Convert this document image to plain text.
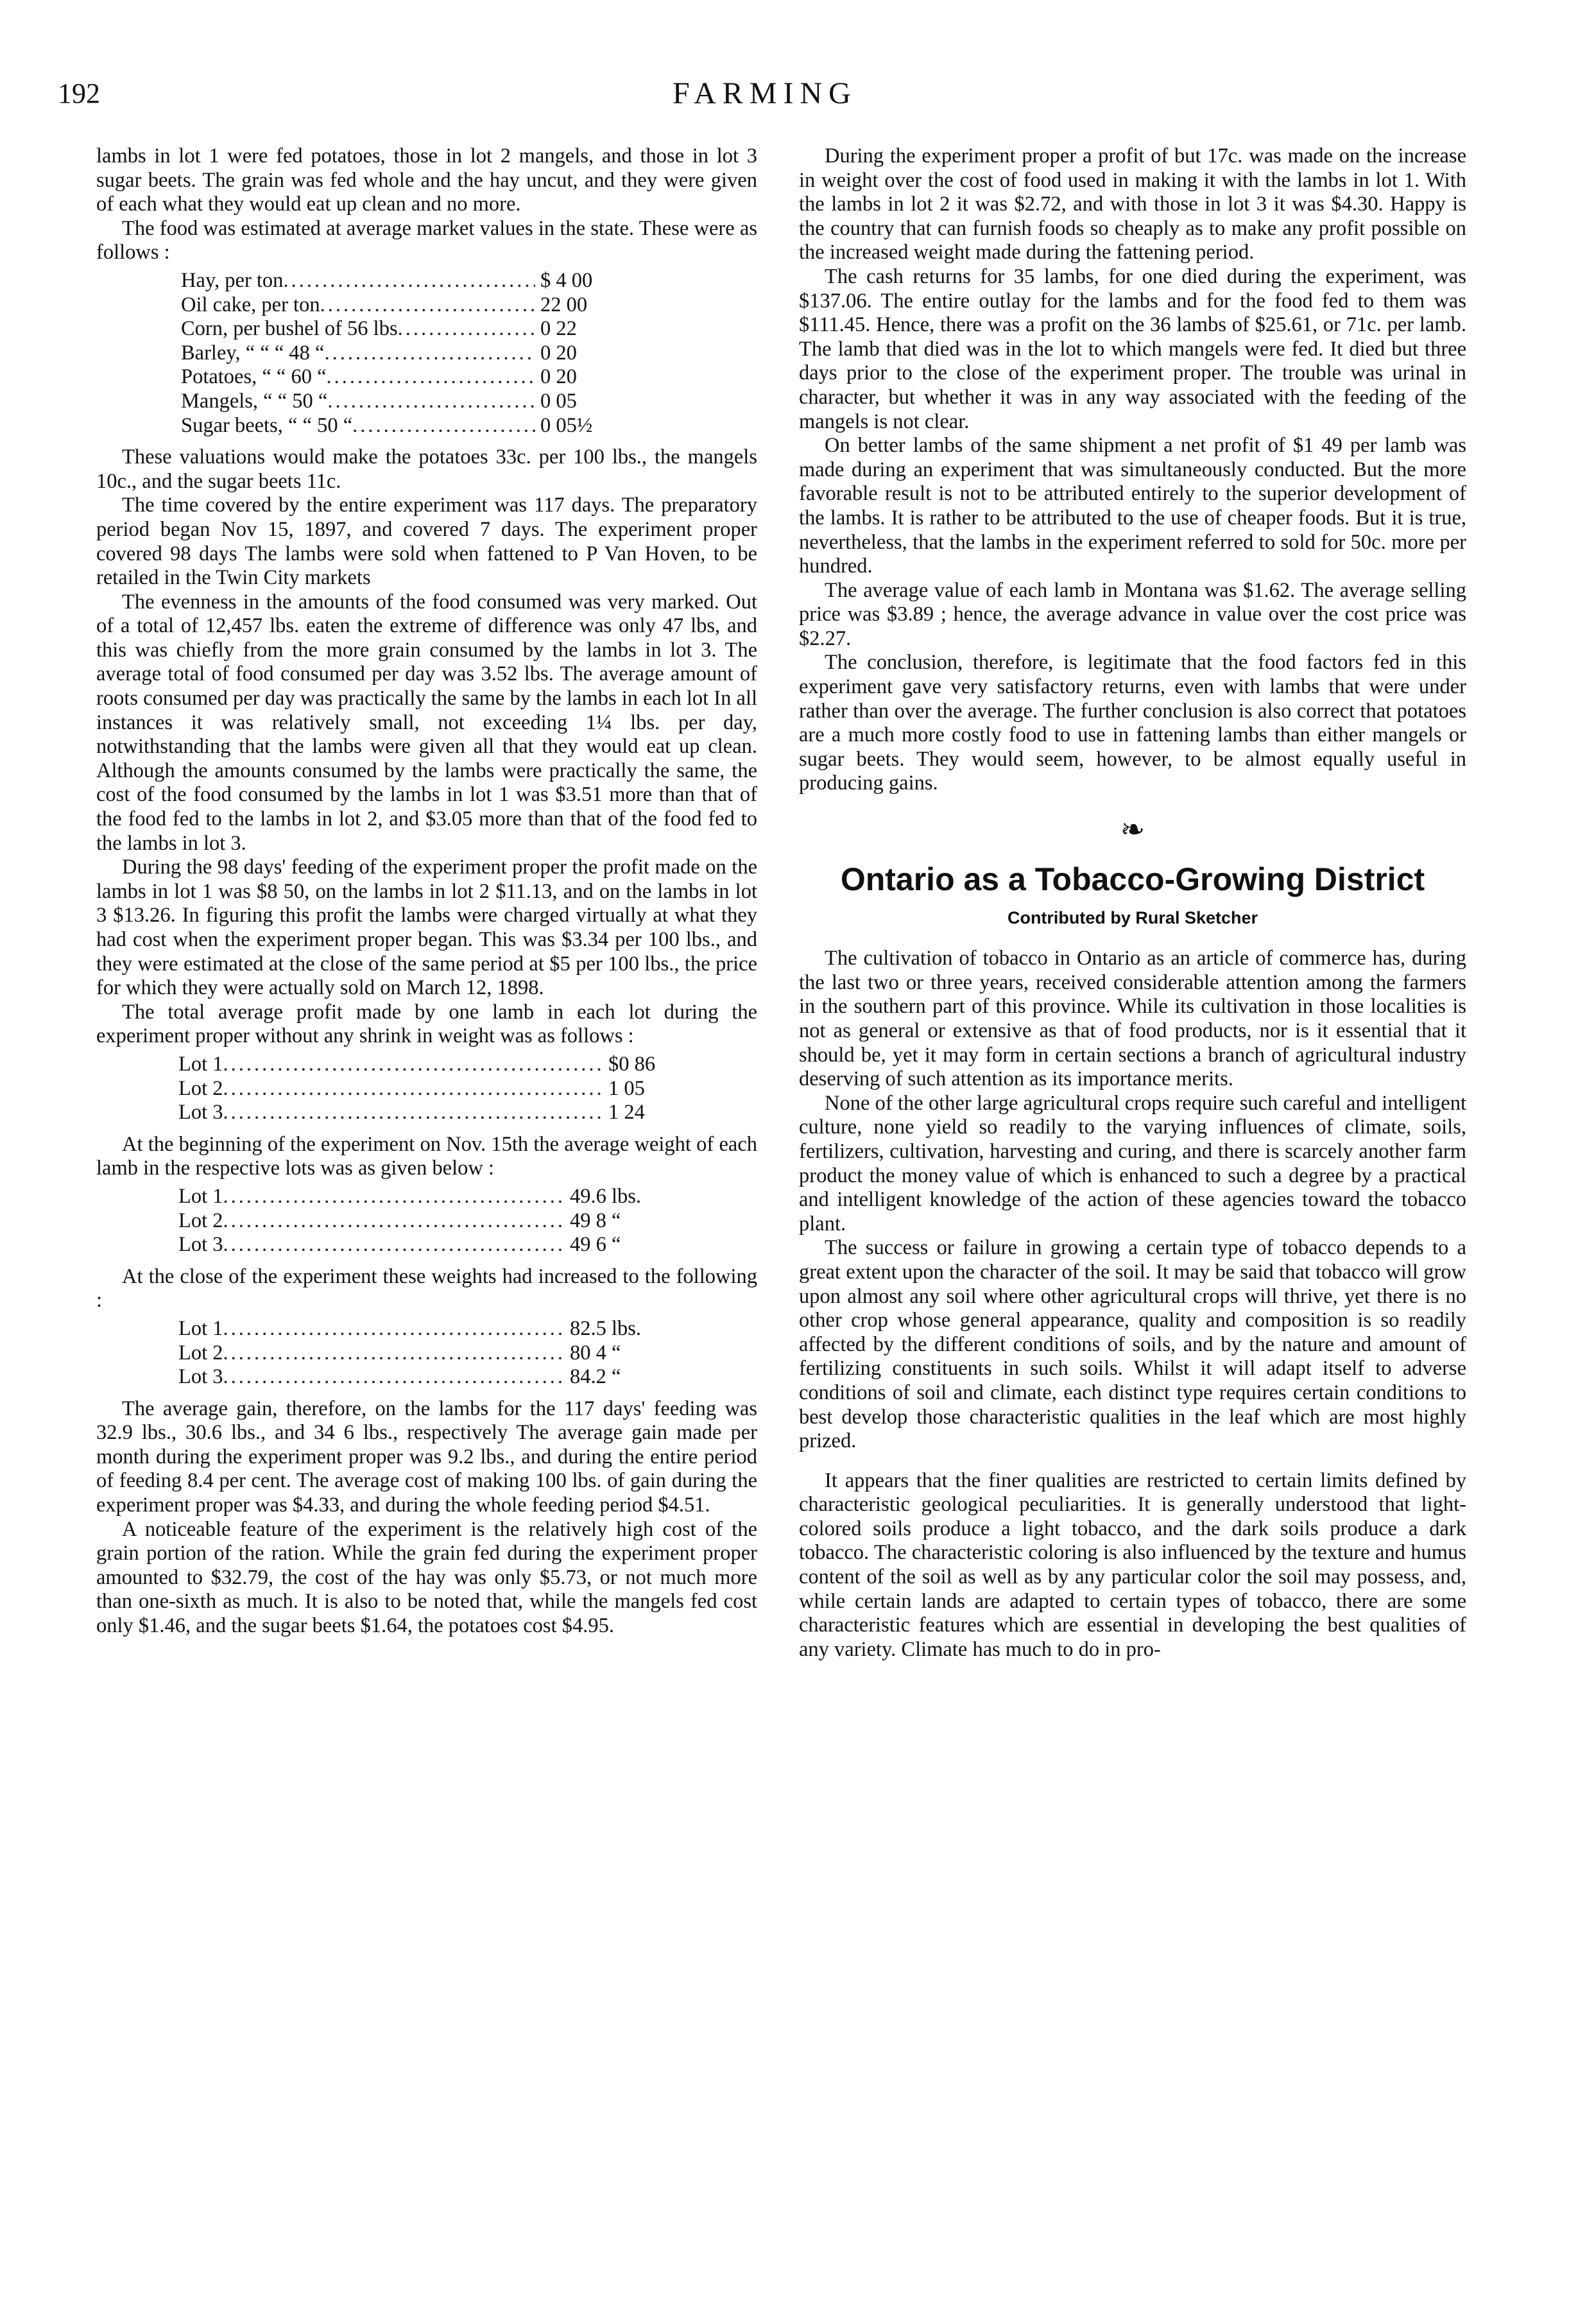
192	FARMING

lambs in lot 1 were fed potatoes, those in lot 2 mangels, and those in lot 3 sugar beets. The grain was fed whole and the hay uncut, and they were given of each what they would eat up clean and no more.

The food was estimated at average market values in the state. These were as follows :

Hay, per ton .....	$ 4 00
Oil cake, per ton .....	22 00
Corn, per bushel of 56 lbs .....	0 22
Barley, “ “ “ 48 “ .....	0 20
Potatoes, “ “ 60 “ .....	0 20
Mangels, “ “ 50 “ .....	0 05
Sugar beets, “ “ 50 “ .....	0 05½

These valuations would make the potatoes 33c. per 100 lbs., the mangels 10c., and the sugar beets 11c.

The time covered by the entire experiment was 117 days. The preparatory period began Nov 15, 1897, and covered 7 days. The experiment proper covered 98 days The lambs were sold when fattened to P Van Hoven, to be retailed in the Twin City markets

The evenness in the amounts of the food consumed was very marked. Out of a total of 12,457 lbs. eaten the extreme of difference was only 47 lbs, and this was chiefly from the more grain consumed by the lambs in lot 3. The average total of food consumed per day was 3.52 lbs. The average amount of roots consumed per day was practically the same by the lambs in each lot In all instances it was relatively small, not exceeding 1¼ lbs. per day, notwithstanding that the lambs were given all that they would eat up clean. Although the amounts consumed by the lambs were practically the same, the cost of the food consumed by the lambs in lot 1 was $3.51 more than that of the food fed to the lambs in lot 2, and $3.05 more than that of the food fed to the lambs in lot 3.

During the 98 days' feeding of the experiment proper the profit made on the lambs in lot 1 was $8 50, on the lambs in lot 2 $11.13, and on the lambs in lot 3 $13.26. In figuring this profit the lambs were charged virtually at what they had cost when the experiment proper began. This was $3.34 per 100 lbs., and they were estimated at the close of the same period at $5 per 100 lbs., the price for which they were actually sold on March 12, 1898.

The total average profit made by one lamb in each lot during the experiment proper without any shrink in weight was as follows :

Lot 1 .....	$0 86
Lot 2 .....	1 05
Lot 3 .....	1 24

At the beginning of the experiment on Nov. 15th the average weight of each lamb in the respective lots was as given below :

Lot 1 .....	49.6 lbs.
Lot 2 .....	49 8 “
Lot 3 .....	49 6 “

At the close of the experiment these weights had increased to the following :

Lot 1 .....	82.5 lbs.
Lot 2 .....	80 4 “
Lot 3 .....	84.2 “

The average gain, therefore, on the lambs for the 117 days' feeding was 32.9 lbs., 30.6 lbs., and 34 6 lbs., respectively The average gain made per month during the experiment proper was 9.2 lbs., and during the entire period of feeding 8.4 per cent. The average cost of making 100 lbs. of gain during the experiment proper was $4.33, and during the whole feeding period $4.51.

A noticeable feature of the experiment is the relatively high cost of the grain portion of the ration. While the grain fed during the experiment proper amounted to $32.79, the cost of the hay was only $5.73, or not much more than one-sixth as much. It is also to be noted that, while the mangels fed cost only $1.46, and the sugar beets $1.64, the potatoes cost $4.95.

During the experiment proper a profit of but 17c. was made on the increase in weight over the cost of food used in making it with the lambs in lot 1. With the lambs in lot 2 it was $2.72, and with those in lot 3 it was $4.30. Happy is the country that can furnish foods so cheaply as to make any profit possible on the increased weight made during the fattening period.

The cash returns for 35 lambs, for one died during the experiment, was $137.06. The entire outlay for the lambs and for the food fed to them was $111.45. Hence, there was a profit on the 36 lambs of $25.61, or 71c. per lamb. The lamb that died was in the lot to which mangels were fed. It died but three days prior to the close of the experiment proper. The trouble was urinal in character, but whether it was in any way associated with the feeding of the mangels is not clear.

On better lambs of the same shipment a net profit of $1 49 per lamb was made during an experiment that was simultaneously conducted. But the more favorable result is not to be attributed entirely to the superior development of the lambs. It is rather to be attributed to the use of cheaper foods. But it is true, nevertheless, that the lambs in the experiment referred to sold for 50c. more per hundred.

The average value of each lamb in Montana was $1.62. The average selling price was $3.89 ; hence, the average advance in value over the cost price was $2.27.

The conclusion, therefore, is legitimate that the food factors fed in this experiment gave very satisfactory returns, even with lambs that were under rather than over the average. The further conclusion is also correct that potatoes are a much more costly food to use in fattening lambs than either mangels or sugar beets. They would seem, however, to be almost equally useful in producing gains.

❧
Ontario as a Tobacco-Growing District
Contributed by Rural Sketcher

The cultivation of tobacco in Ontario as an article of commerce has, during the last two or three years, received considerable attention among the farmers in the southern part of this province. While its cultivation in those localities is not as general or extensive as that of food products, nor is it essential that it should be, yet it may form in certain sections a branch of agricultural industry deserving of such attention as its importance merits.

None of the other large agricultural crops require such careful and intelligent culture, none yield so readily to the varying influences of climate, soils, fertilizers, cultivation, harvesting and curing, and there is scarcely another farm product the money value of which is enhanced to such a degree by a practical and intelligent knowledge of the action of these agencies toward the tobacco plant.

The success or failure in growing a certain type of tobacco depends to a great extent upon the character of the soil. It may be said that tobacco will grow upon almost any soil where other agricultural crops will thrive, yet there is no other crop whose general appearance, quality and composition is so readily affected by the different conditions of soils, and by the nature and amount of fertilizing constituents in such soils. Whilst it will adapt itself to adverse conditions of soil and climate, each distinct type requires certain conditions to best develop those characteristic qualities in the leaf which are most highly prized.

It appears that the finer qualities are restricted to certain limits defined by characteristic geological peculiarities. It is generally understood that light-colored soils produce a light tobacco, and the dark soils produce a dark tobacco. The characteristic coloring is also influenced by the texture and humus content of the soil as well as by any particular color the soil may possess, and, while certain lands are adapted to certain types of tobacco, there are some characteristic features which are essential in developing the best qualities of any variety. Climate has much to do in pro-
